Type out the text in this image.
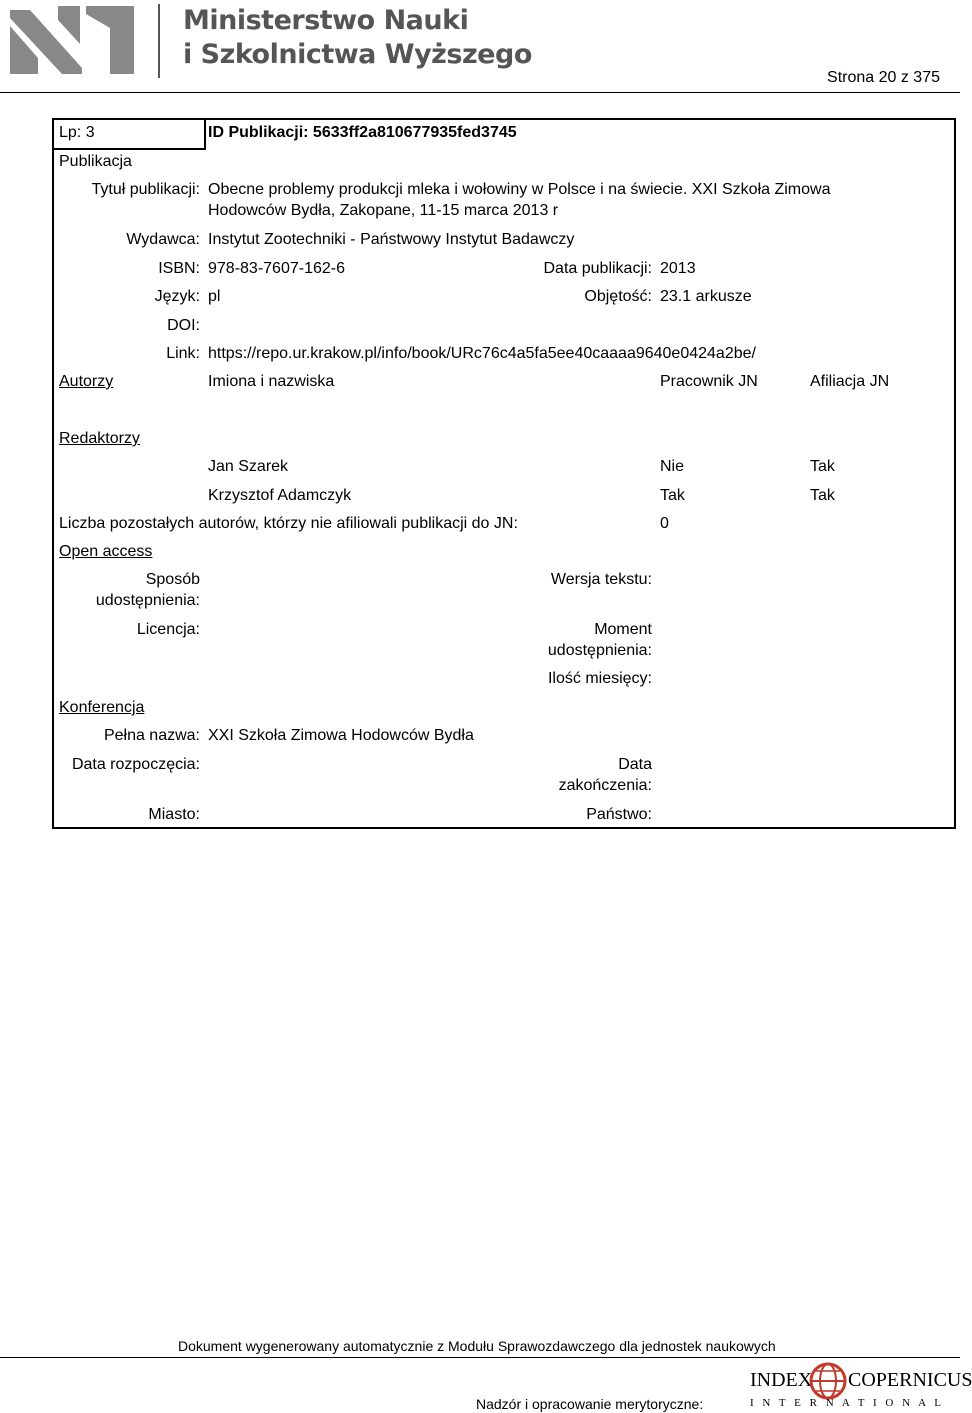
Ministerstwo Nauki
i Szkolnictwa Wyższego
Strona 20 z 375
Lp: 3	ID Publikacji: 5633ff2a810677935fed3745
Publikacja
Tytuł publikacji: Obecne problemy produkcji mleka i wołowiny w Polsce i na świecie. XXI Szkoła Zimowa
Hodowców Bydła, Zakopane, 11-15 marca 2013 r
Wydawca: Instytut Zootechniki - Państwowy Instytut Badawczy
ISBN: 978-83-7607-162-6	Data publikacji: 2013
Język: pl	Objętość: 23.1 arkusze
DOI:
Link: https://repo.ur.krakow.pl/info/book/URc76c4a5fa5ee40caaaa9640e0424a2be/
Autorzy	Imiona i nazwiska	Pracownik JN	Afiliacja JN
Redaktorzy
Jan Szarek	Nie	Tak
Krzysztof Adamczyk	Tak	Tak
Liczba pozostałych autorów, którzy nie afiliowali publikacji do JN:	0
Open access
Sposób
udostępnienia:
Wersja tekstu:
Licencja:	Moment
udostępnienia:
Ilość miesięcy:
Konferencja
Pełna nazwa: XXI Szkoła Zimowa Hodowców Bydła
Data rozpoczęcia:	Data
zakończenia:
Miasto:	Państwo:
Dokument wygenerowany automatycznie z Modułu Sprawozdawczego dla jednostek naukowych
Nadzór i opracowanie merytoryczne:
INDEX COPERNICUS
I N T E R N A T I O N A L
